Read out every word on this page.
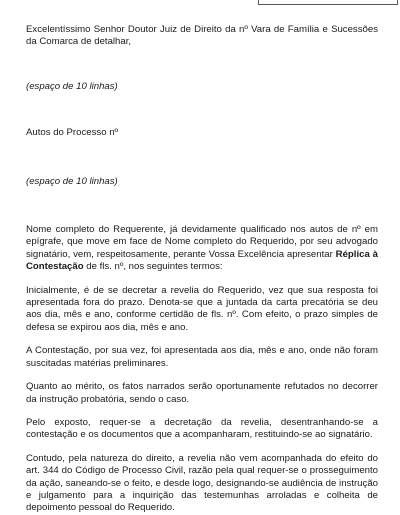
Excelentíssimo Senhor Doutor Juiz de Direito da nº Vara de Família e Sucessões da Comarca de detalhar,

(espaço de 10 linhas)

Autos do Processo nº

(espaço de 10 linhas)

Nome completo do Requerente, já devidamente qualificado nos autos de nº em epígrafe, que move em face de Nome completo do Requerido, por seu advogado signatário, vem, respeitosamente, perante Vossa Excelência apresentar Réplica à Contestação de fls. nº, nos seguintes termos:

Inicialmente, é de se decretar a revelia do Requerido, vez que sua resposta foi apresentada fora do prazo. Denota-se que a juntada da carta precatória se deu aos dia, mês e ano, conforme certidão de fls. nº. Com efeito, o prazo simples de defesa se expirou aos dia, mês e ano.

A Contestação, por sua vez, foi apresentada aos dia, mês e ano, onde não foram suscitadas matérias preliminares.

Quanto ao mérito, os fatos narrados serão oportunamente refutados no decorrer da instrução probatória, sendo o caso.

Pelo exposto, requer-se a decretação da revelia, desentranhando-se a contestação e os documentos que a acompanharam, restituindo-se ao signatário.

Contudo, pela natureza do direito, a revelia não vem acompanhada do efeito do art. 344 do Código de Processo Civil, razão pela qual requer-se o prosseguimento da ação, saneando-se o feito, e desde logo, designando-se audiência de instrução e julgamento para a inquirição das testemunhas arroladas e colheita de depoimento pessoal do Requerido.
